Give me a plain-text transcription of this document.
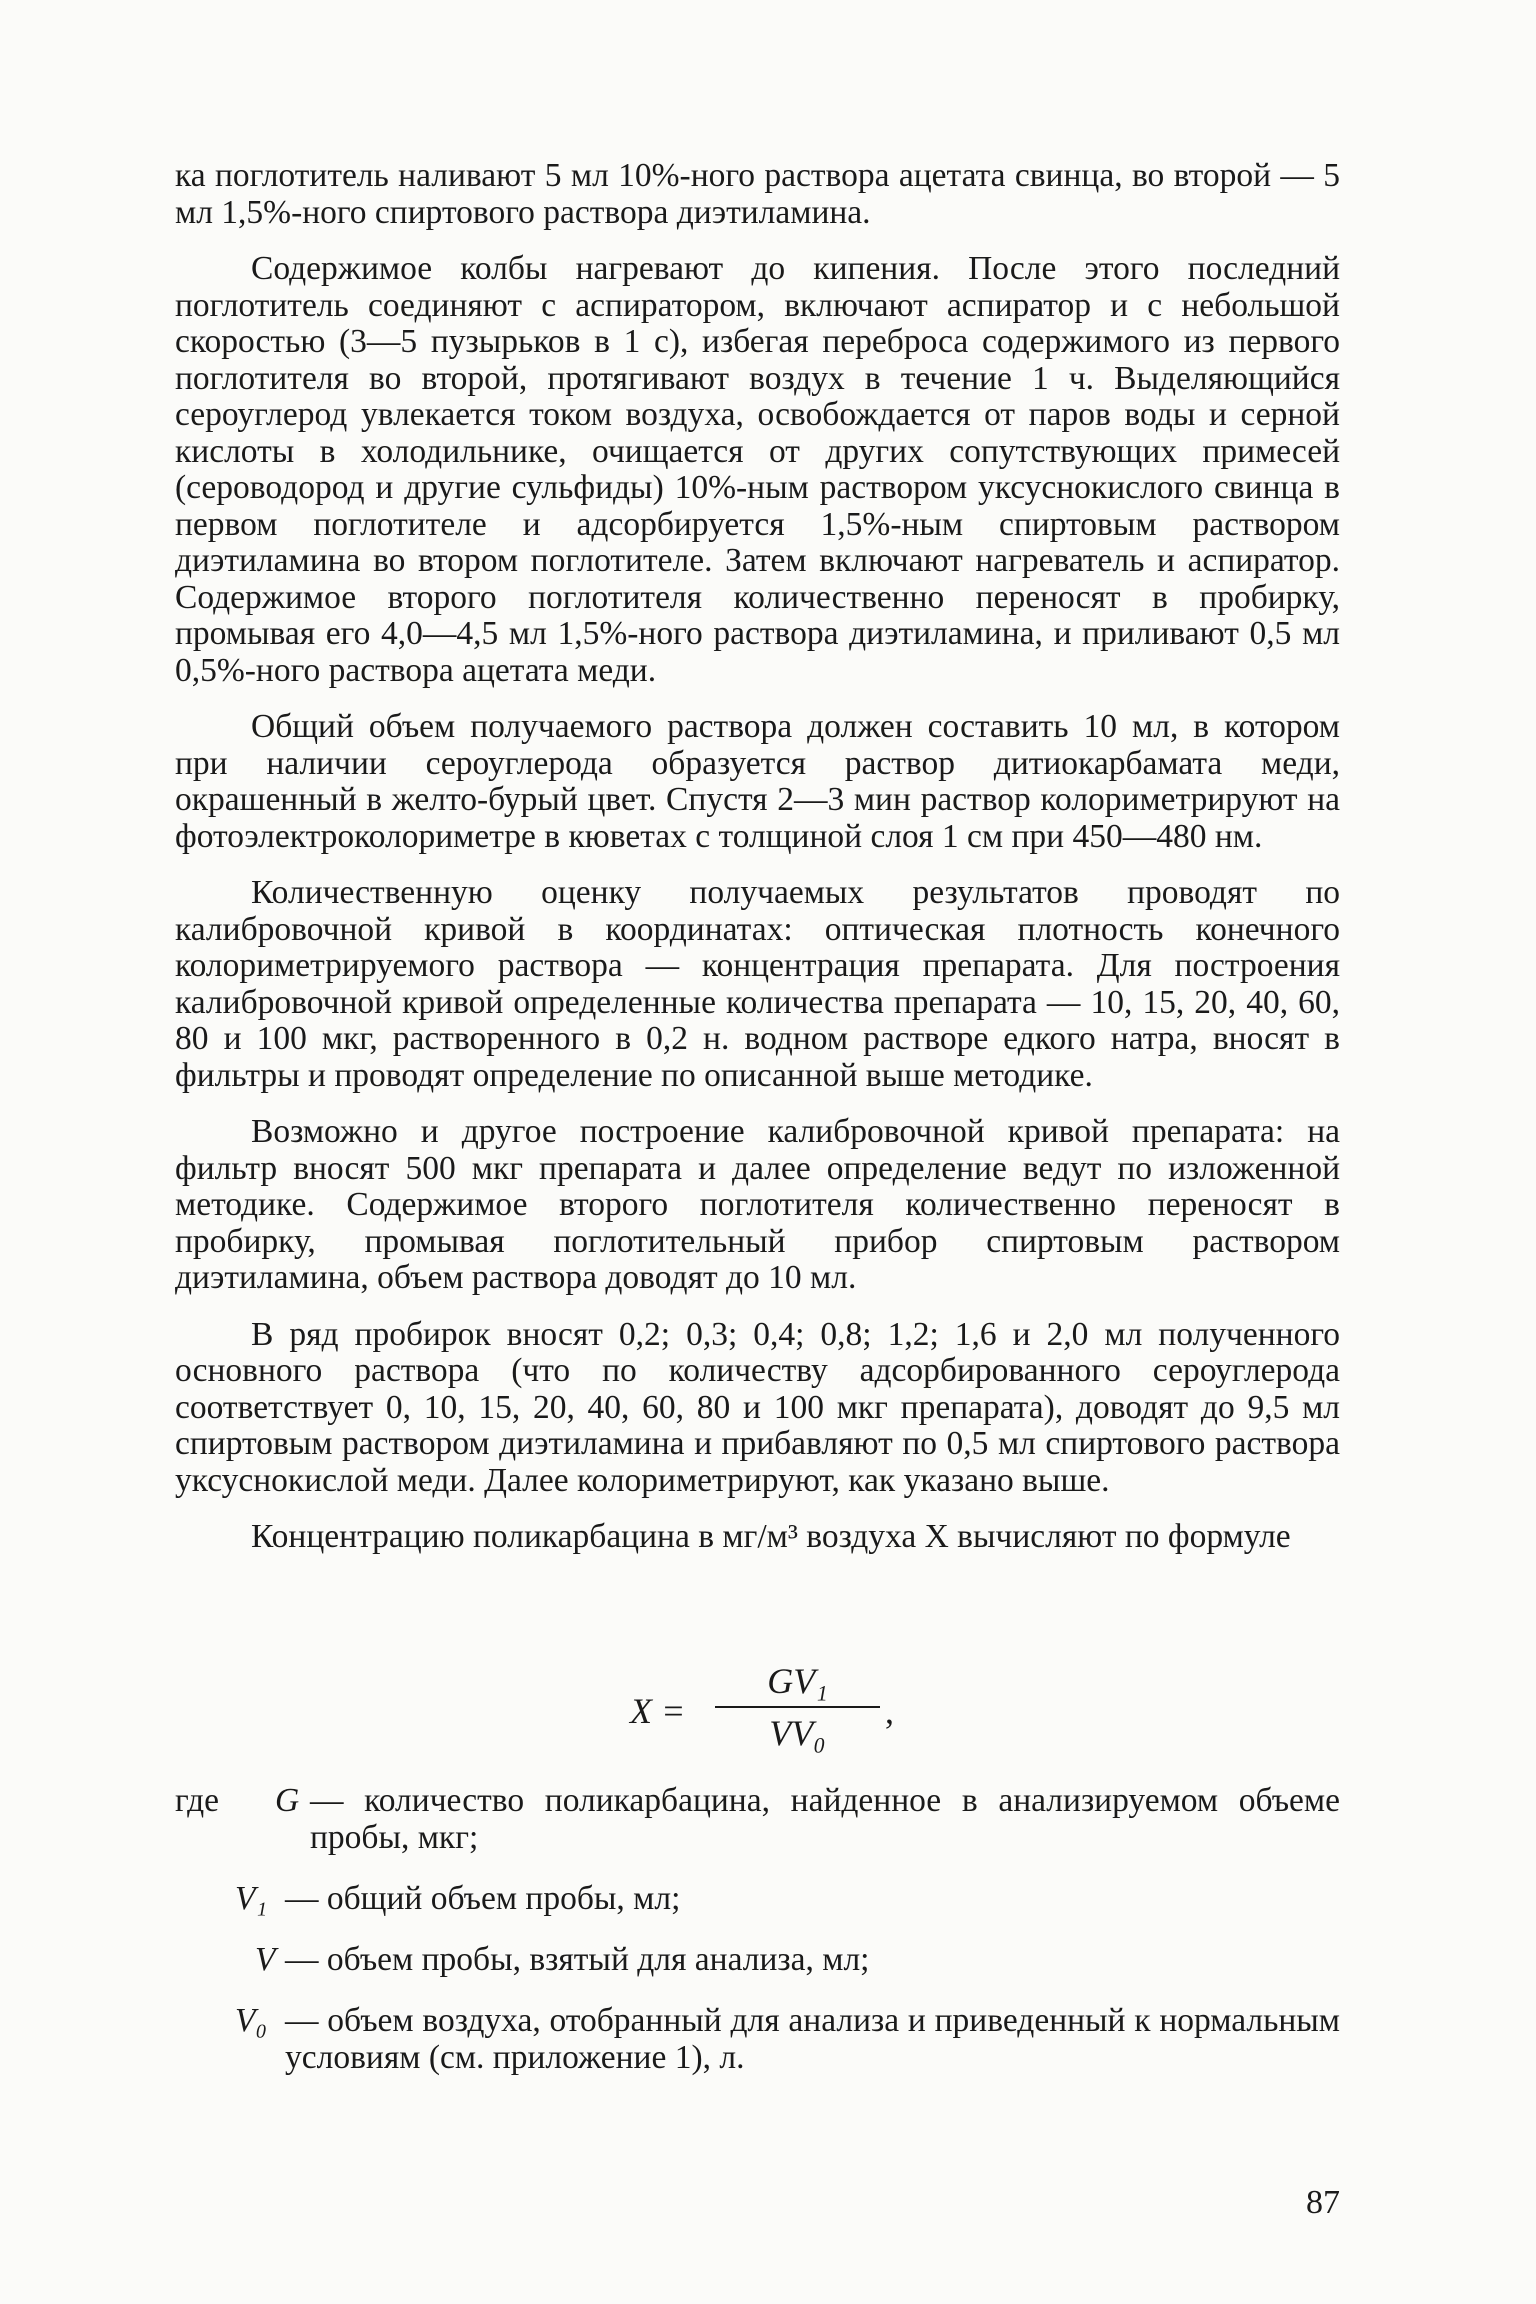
ка поглотитель наливают 5 мл 10%-ного раствора ацетата свинца, во второй — 5 мл 1,5%-ного спиртового раствора диэтиламина.

Содержимое колбы нагревают до кипения. После этого последний поглотитель соединяют с аспиратором, включают аспиратор и с небольшой скоростью (3—5 пузырьков в 1 с), избегая переброса содержимого из первого поглотителя во второй, протягивают воздух в течение 1 ч. Выделяющийся сероуглерод увлекается током воздуха, освобождается от паров воды и серной кислоты в холодильнике, очищается от других сопутствующих примесей (сероводород и другие сульфиды) 10%-ным раствором уксуснокислого свинца в первом поглотителе и адсорбируется 1,5%-ным спиртовым раствором диэтиламина во втором поглотителе. Затем включают нагреватель и аспиратор. Содержимое второго поглотителя количественно переносят в пробирку, промывая его 4,0—4,5 мл 1,5%-ного раствора диэтиламина, и приливают 0,5 мл 0,5%-ного раствора ацетата меди.

Общий объем получаемого раствора должен составить 10 мл, в котором при наличии сероуглерода образуется раствор дитиокарбамата меди, окрашенный в желто-бурый цвет. Спустя 2—3 мин раствор колориметрируют на фотоэлектроколориметре в кюветах с толщиной слоя 1 см при 450—480 нм.

Количественную оценку получаемых результатов проводят по калибровочной кривой в координатах: оптическая плотность конечного колориметрируемого раствора — концентрация препарата. Для построения калибровочной кривой определенные количества препарата — 10, 15, 20, 40, 60, 80 и 100 мкг, растворенного в 0,2 н. водном растворе едкого натра, вносят в фильтры и проводят определение по описанной выше методике.

Возможно и другое построение калибровочной кривой препарата: на фильтр вносят 500 мкг препарата и далее определение ведут по изложенной методике. Содержимое второго поглотителя количественно переносят в пробирку, промывая поглотительный прибор спиртовым раствором диэтиламина, объем раствора доводят до 10 мл.

В ряд пробирок вносят 0,2; 0,3; 0,4; 0,8; 1,2; 1,6 и 2,0 мл полученного основного раствора (что по количеству адсорбированного сероуглерода соответствует 0, 10, 15, 20, 40, 60, 80 и 100 мкг препарата), доводят до 9,5 мл спиртовым раствором диэтиламина и прибавляют по 0,5 мл спиртового раствора уксуснокислой меди. Далее колориметрируют, как указано выше.

Концентрацию поликарбацина в мг/м³ воздуха X вычисляют по формуле

X =
GV₁
VV₀
,
где G — количество поликарбацина, найденное в анализируемом объеме пробы, мкг;
V₁ — общий объем пробы, мл;
V — объем пробы, взятый для анализа, мл;
V₀ — объем воздуха, отобранный для анализа и приведенный к нормальным условиям (см. приложение 1), л.
87
